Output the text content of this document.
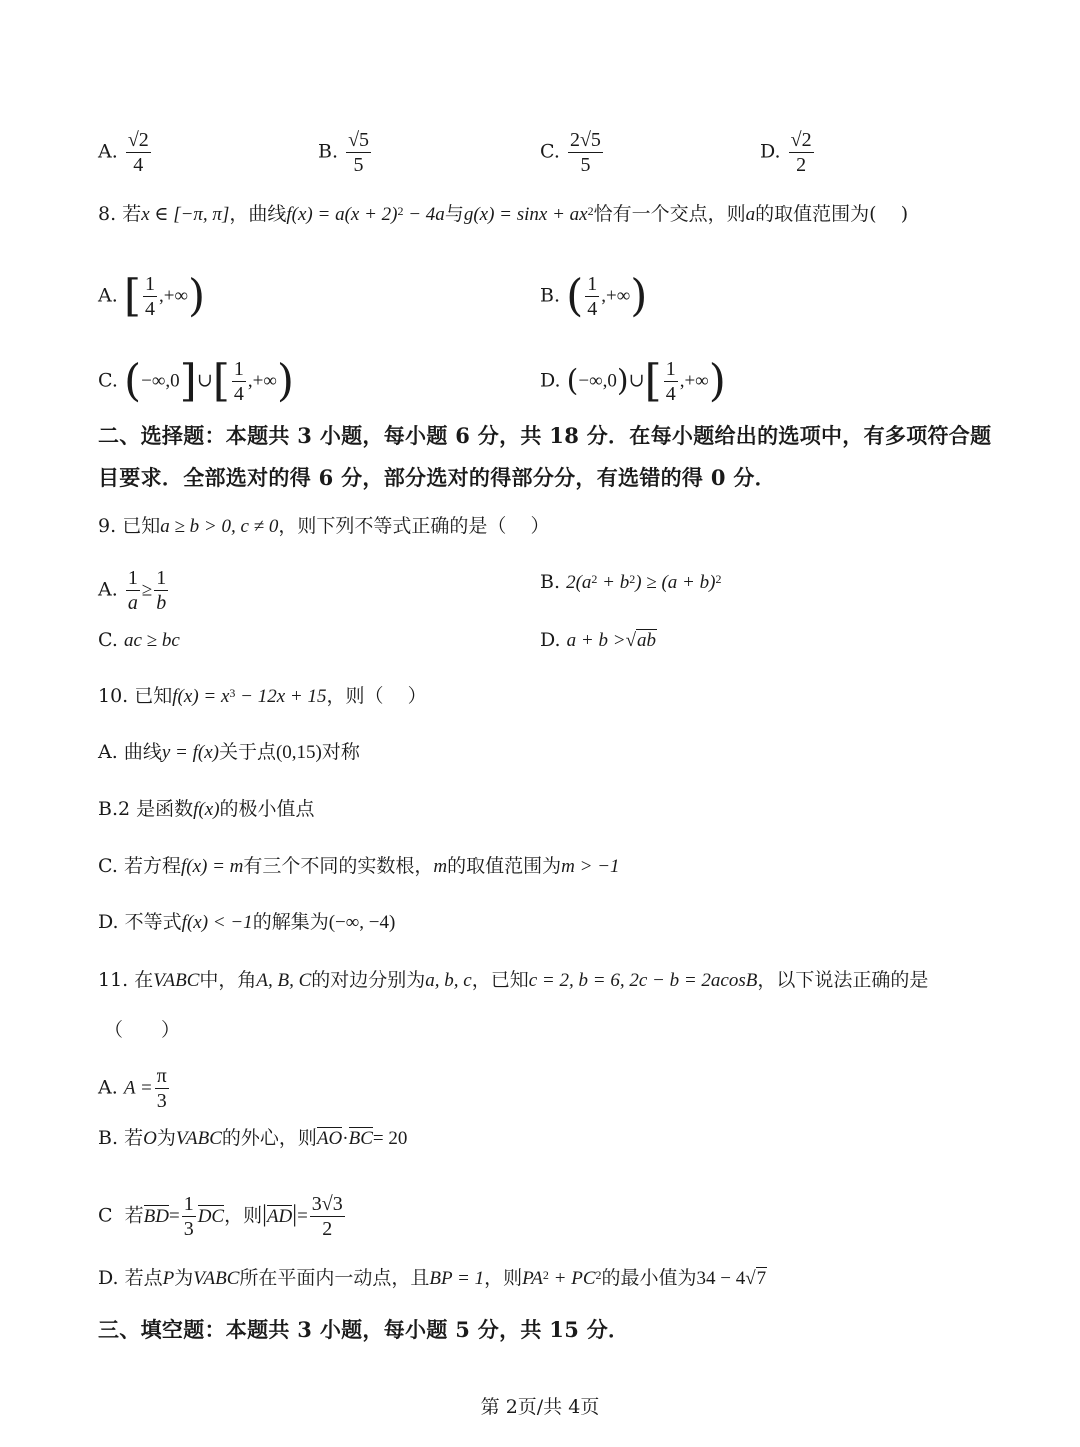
A. $\frac{√2}{4}$	B. $\frac{√5}{5}$	C. $\frac{2√5}{5}$	D. $\frac{√2}{2}$
8. 若x ∈ [−π, π]，曲线$f(x) = a(x + 2)^2 - 4a$与$g(x) = \sin x + ax^2$恰有一个交点，则a的取值范围为( )
A. [ $\frac{1}{4}$ ,+∞)	B. ( $\frac{1}{4}$ ,+∞)
C. (−∞,0]∪[ $\frac{1}{4}$ ,+∞)	D. (−∞,0)∪[ $\frac{1}{4}$ ,+∞)
二、选择题：本题共 3 小题，每小题 6 分，共 18 分．在每小题给出的选项中，有多项符合题
目要求．全部选对的得 6 分，部分选对的得部分分，有选错的得 0 分．
9. 已知a ≥ b > 0, c ≠ 0，则下列不等式正确的是（ ）
A. $\frac{1}{a} \ge \frac{1}{b}$	B. $2(a^2 + b^2) \ge (a + b)^2$
C. ac ≥ bc	D. a + b >√ab
10. 已知$f(x) = x^3 - 12x + 15$，则（ ）
A. 曲线y = f(x)关于点(0,15)对称
B.2 是函数f(x)的极小值点
C. 若方程f(x) = m有三个不同的实数根，m的取值范围为m > −1
D. 不等式f(x) < −1的解集为(−∞, −4)
11. 在VABC中，角A, B, C的对边分别为a, b, c，已知c = 2, b = 6, 2c − b = 2acosB，以下说法正确的是
（　　）
A. $A = \frac{\pi}{3}$
B. 若O为VABC的外心，则AO·BC= 20
C 若$BD= \frac{1}{3}$ DC，则$|AD|= \frac{3√3}{2}$
D. 若点P为VABC所在平面内一动点，且BP = 1，则$PA^2 + PC^2$的最小值为34 − 4√7
三、填空题：本题共 3 小题，每小题 5 分，共 15 分．
第 2页/共 4页
